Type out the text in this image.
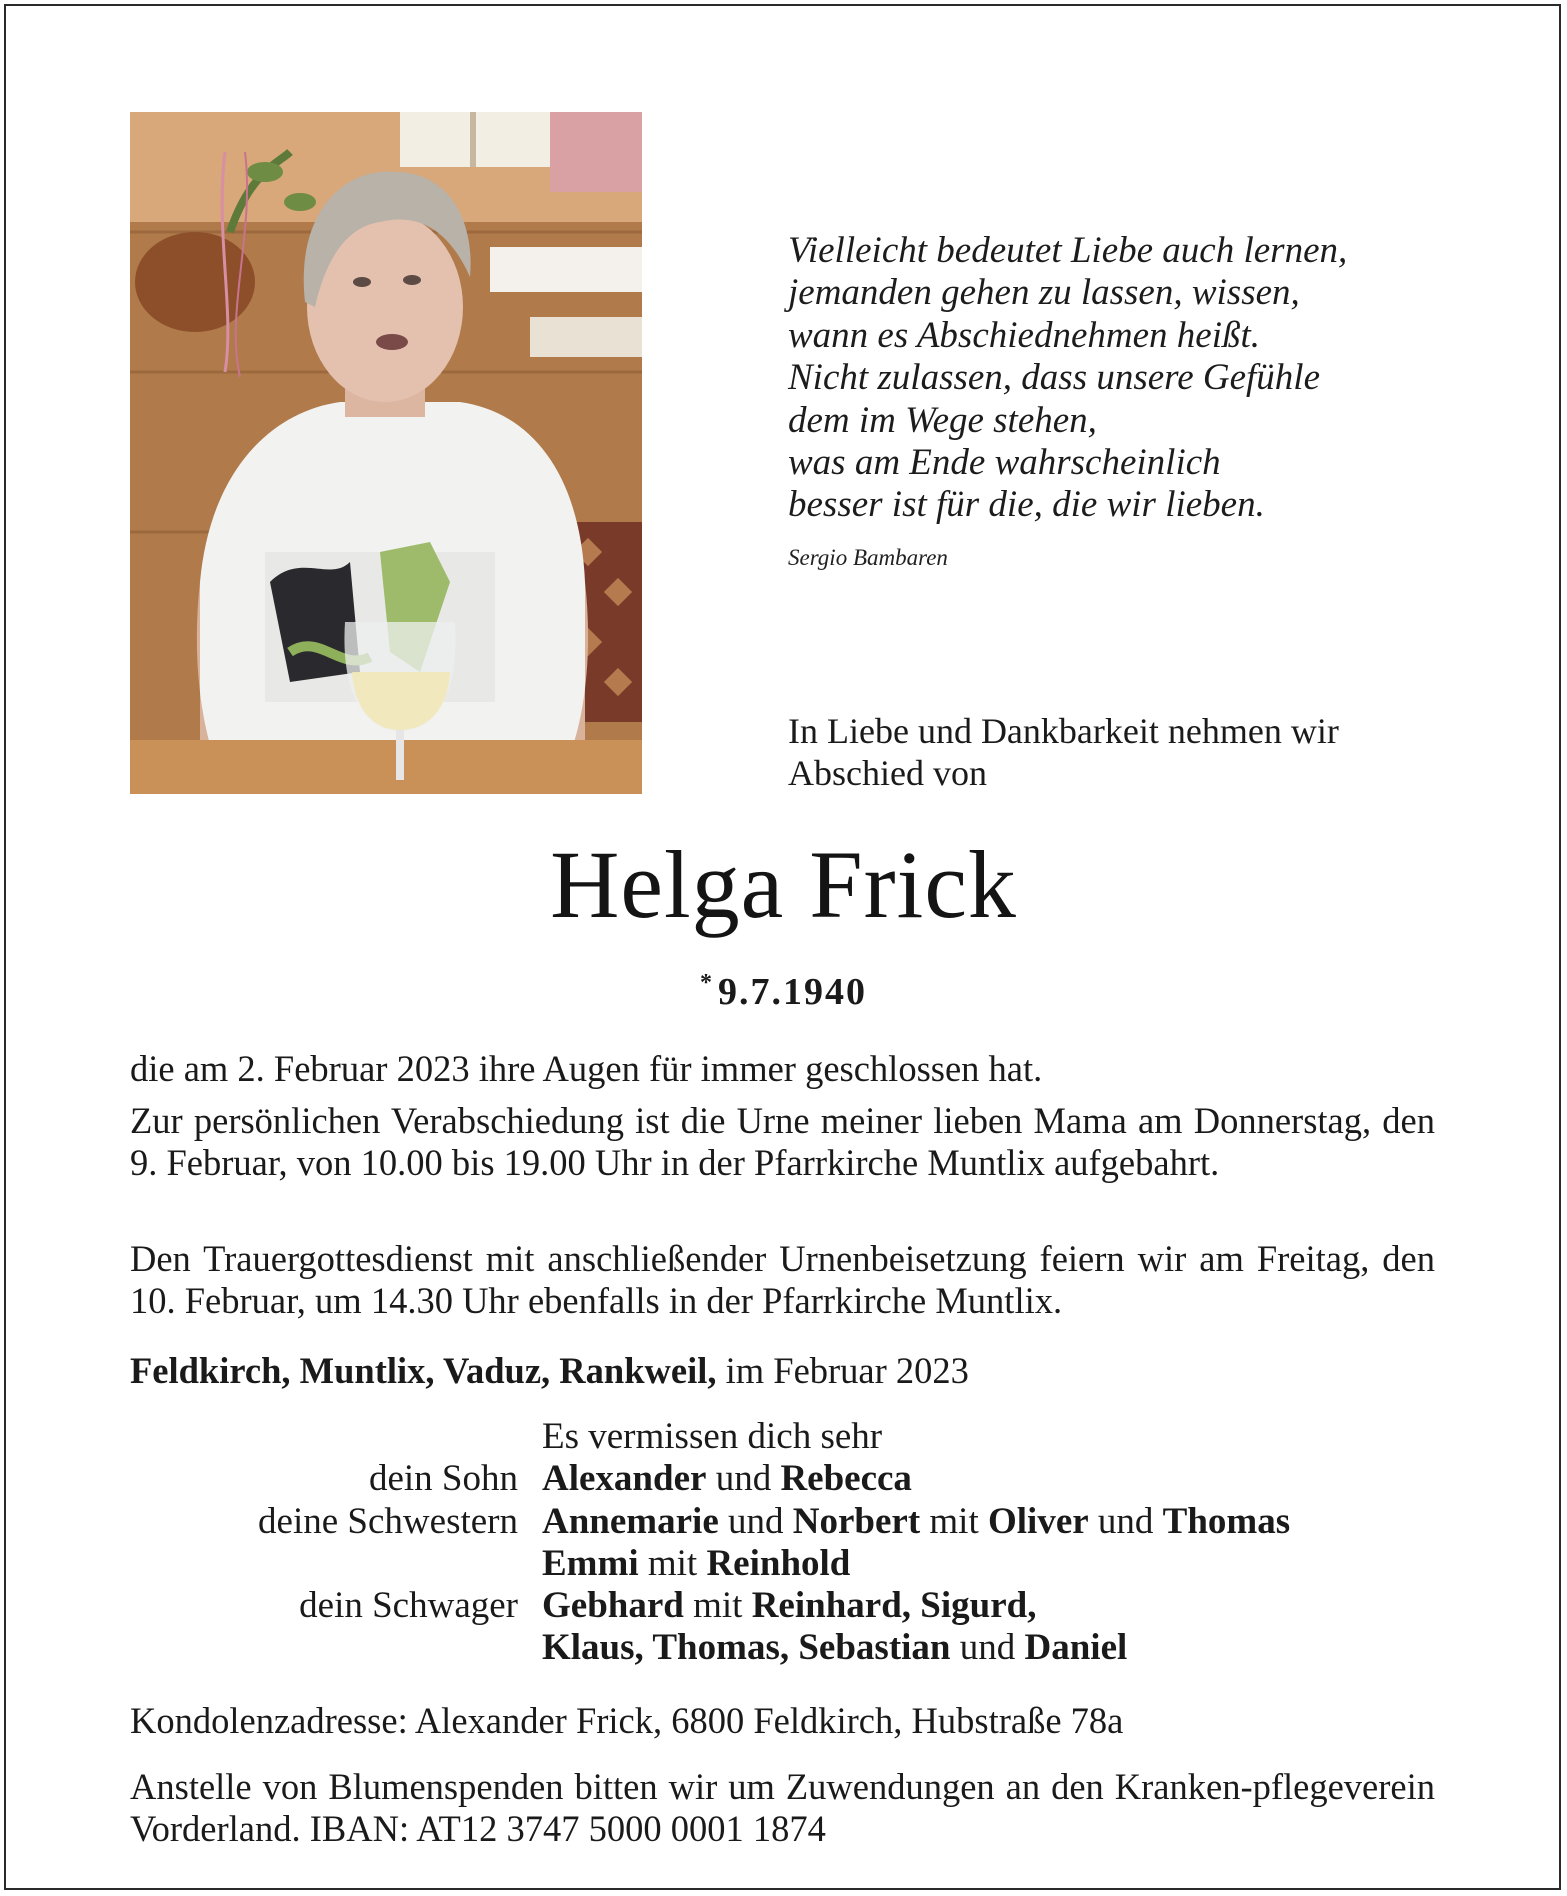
Vielleicht bedeutet Liebe auch lernen,
jemanden gehen zu lassen, wissen,
wann es Abschiednehmen heißt.
Nicht zulassen, dass unsere Gefühle
dem im Wege stehen,
was am Ende wahrscheinlich
besser ist für die, die wir lieben.
Sergio Bambaren
In Liebe und Dankbarkeit nehmen wir
Abschied von
Helga Frick
* 9.7.1940

die am 2. Februar 2023 ihre Augen für immer geschlossen hat.

Zur persönlichen Verabschiedung ist die Urne meiner lieben Mama am Donnerstag, den 9. Februar, von 10.00 bis 19.00 Uhr in der Pfarrkirche Muntlix aufgebahrt.

Den Trauergottesdienst mit anschließender Urnenbeisetzung feiern wir am Freitag, den 10. Februar, um 14.30 Uhr ebenfalls in der Pfarrkirche Muntlix.

Feldkirch, Muntlix, Vaduz, Rankweil, im Februar 2023

Es vermissen dich sehr
dein Sohn Alexander und Rebecca
deine Schwestern Annemarie und Norbert mit Oliver und Thomas
Emmi mit Reinhold
dein Schwager Gebhard mit Reinhard, Sigurd,
Klaus, Thomas, Sebastian und Daniel

Kondolenzadresse: Alexander Frick, 6800 Feldkirch, Hubstraße 78a

Anstelle von Blumenspenden bitten wir um Zuwendungen an den Kranken-pflegeverein Vorderland. IBAN: AT12 3747 5000 0001 1874
